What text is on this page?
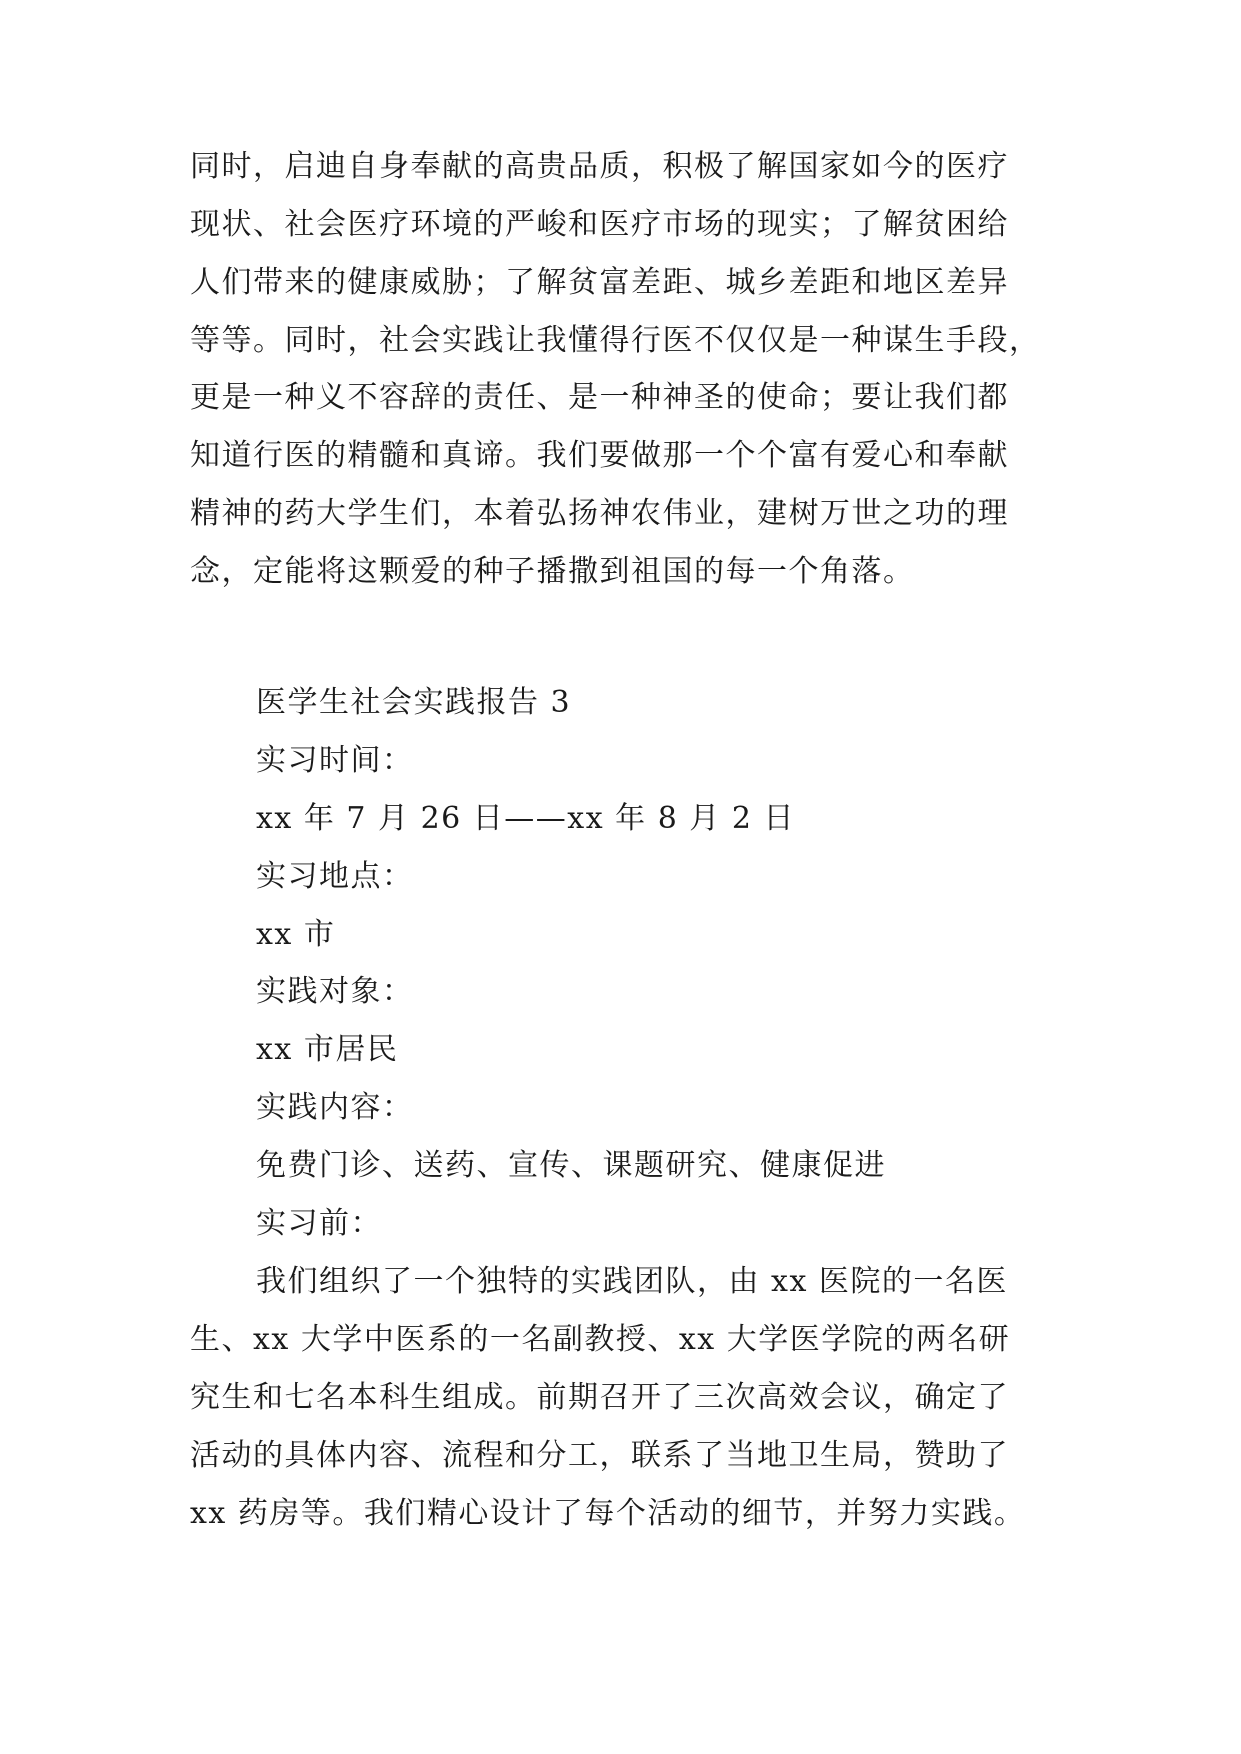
同时，启迪自身奉献的高贵品质，积极了解国家如今的医疗
现状、社会医疗环境的严峻和医疗市场的现实；了解贫困给
人们带来的健康威胁；了解贫富差距、城乡差距和地区差异
等等。同时，社会实践让我懂得行医不仅仅是一种谋生手段，
更是一种义不容辞的责任、是一种神圣的使命；要让我们都
知道行医的精髓和真谛。我们要做那一个个富有爱心和奉献
精神的药大学生们，本着弘扬神农伟业，建树万世之功的理
念，定能将这颗爱的种子播撒到祖国的每一个角落。
医学生社会实践报告 3
实习时间：
xx 年 7 月 26 日——xx 年 8 月 2 日
实习地点：
xx 市
实践对象：
xx 市居民
实践内容：
免费门诊、送药、宣传、课题研究、健康促进
实习前：
我们组织了一个独特的实践团队，由 xx 医院的一名医
生、xx 大学中医系的一名副教授、xx 大学医学院的两名研
究生和七名本科生组成。前期召开了三次高效会议，确定了
活动的具体内容、流程和分工，联系了当地卫生局，赞助了
xx 药房等。我们精心设计了每个活动的细节，并努力实践。
